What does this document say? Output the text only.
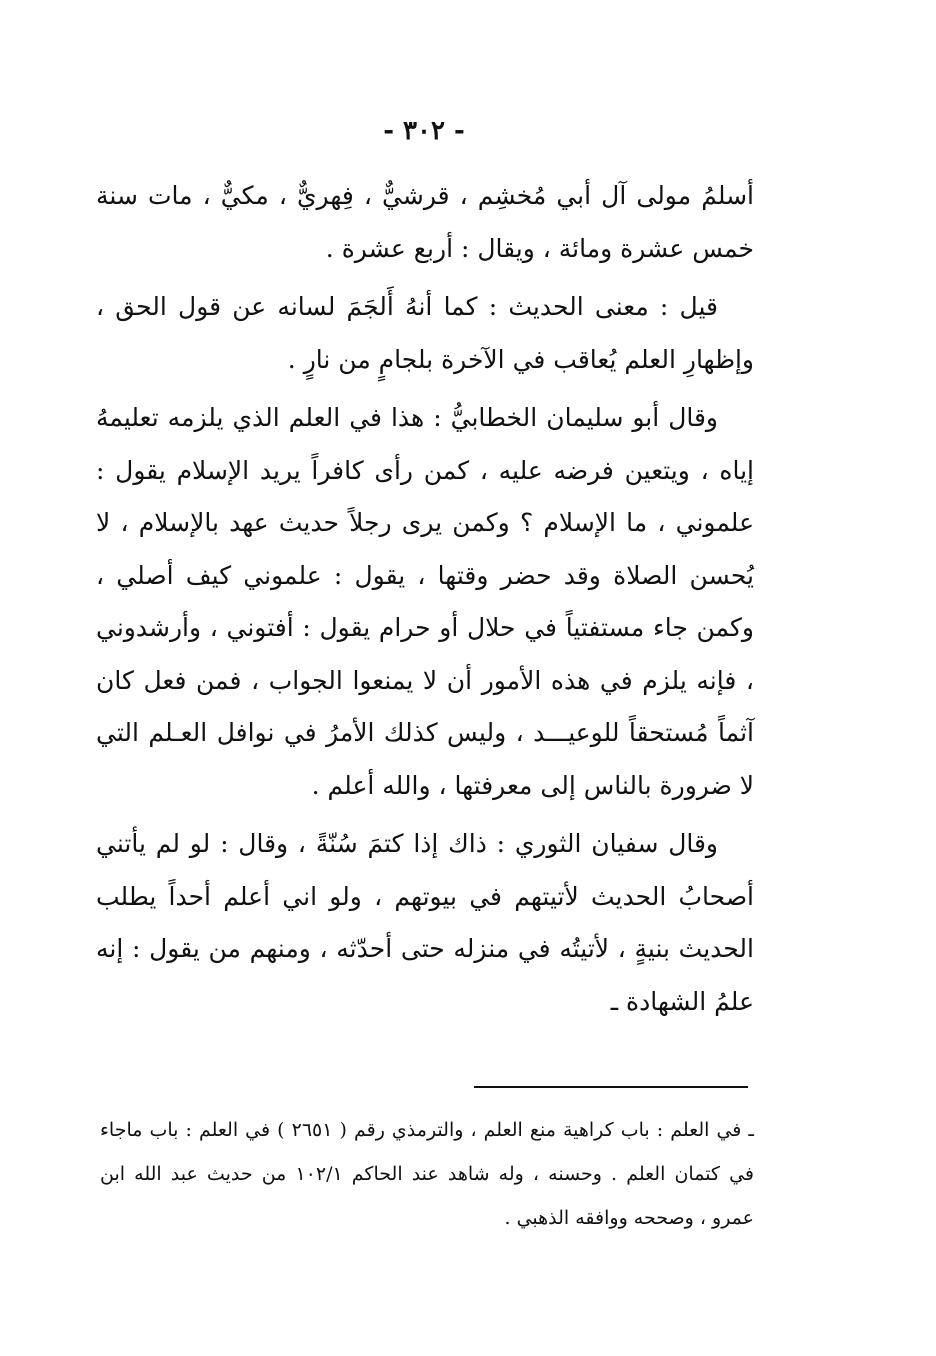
- ٣٠٢ -

أسلمُ مولى آل أبي مُخشِم ، قرشيٌّ ، فِهريٌّ ، مكيٌّ ، مات سنة خمس عشرة ومائة ، ويقال : أربع عشرة .

قيل : معنى الحديث : كما أنهُ أَلجَمَ لسانه عن قول الحق ، وإظهارِ العلم يُعاقب في الآخرة بلجامٍ من نارٍ .

وقال أبو سليمان الخطابيُّ : هذا في العلم الذي يلزمه تعليمهُ إياه ، ويتعين فرضه عليه ، كمن رأى كافراً يريد الإسلام يقول : علموني ، ما الإسلام ؟ وكمن يرى رجلاً حديث عهد بالإسلام ، لا يُحسن الصلاة وقد حضر وقتها ، يقول : علموني كيف أصلي ، وكمن جاء مستفتياً في حلال أو حرام يقول : أفتوني ، وأرشدوني ، فإنه يلزم في هذه الأمور أن لا يمنعوا الجواب ، فمن فعل كان آثماً مُستحقاً للوعيـــد ، وليس كذلك الأمرُ في نوافل العـلم التي لا ضرورة بالناس إلى معرفتها ، والله أعلم .

وقال سفيان الثوري : ذاك إذا كتمَ سُنّةً ، وقال : لو لم يأتني أصحابُ الحديث لأتيتهم في بيوتهم ، ولو اني أعلم أحداً يطلب الحديث بنيةٍ ، لأتيتُه في منزله حتى أحدّثه ، ومنهم من يقول : إنه علمُ الشهادة ـ

ـ في العلم : باب كراهية منع العلم ، والترمذي رقم ( ٢٦٥١ ) في العلم : باب ماجاء في كتمان العلم . وحسنه ، وله شاهد عند الحاكم ١٠٢/١ من حديث عبد الله ابن عمرو ، وصححه ووافقه الذهبي .
